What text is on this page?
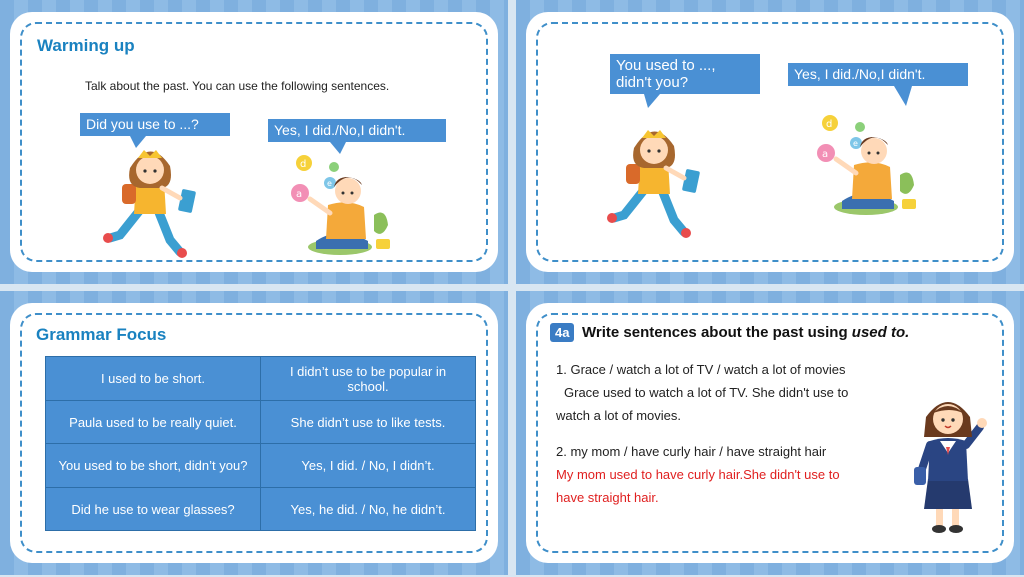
Warming up
Talk about the past. You can use the following sentences.
Did you use to ...?	Yes, I did./No,I didn't.
d
e
a
You used to ...,
didn't you?	Yes, I did./No,I didn't.
d
e
a
Grammar Focus
I used to be short.	I didn’t use to be popular in school.
Paula used to be really quiet.	She didn’t use to like tests.
You used to be short, didn’t you?	Yes, I did. / No, I didn’t.
Did he use to wear glasses?	Yes, he did. / No, he didn’t.
4a Write sentences about the past using used to.
1. Grace / watch a lot of TV / watch a lot of movies
Grace used to watch a lot of TV. She didn't use to
watch a lot of movies.
2. my mom / have curly hair / have straight hair
My mom used to have curly hair.She didn't use to
have straight hair.
